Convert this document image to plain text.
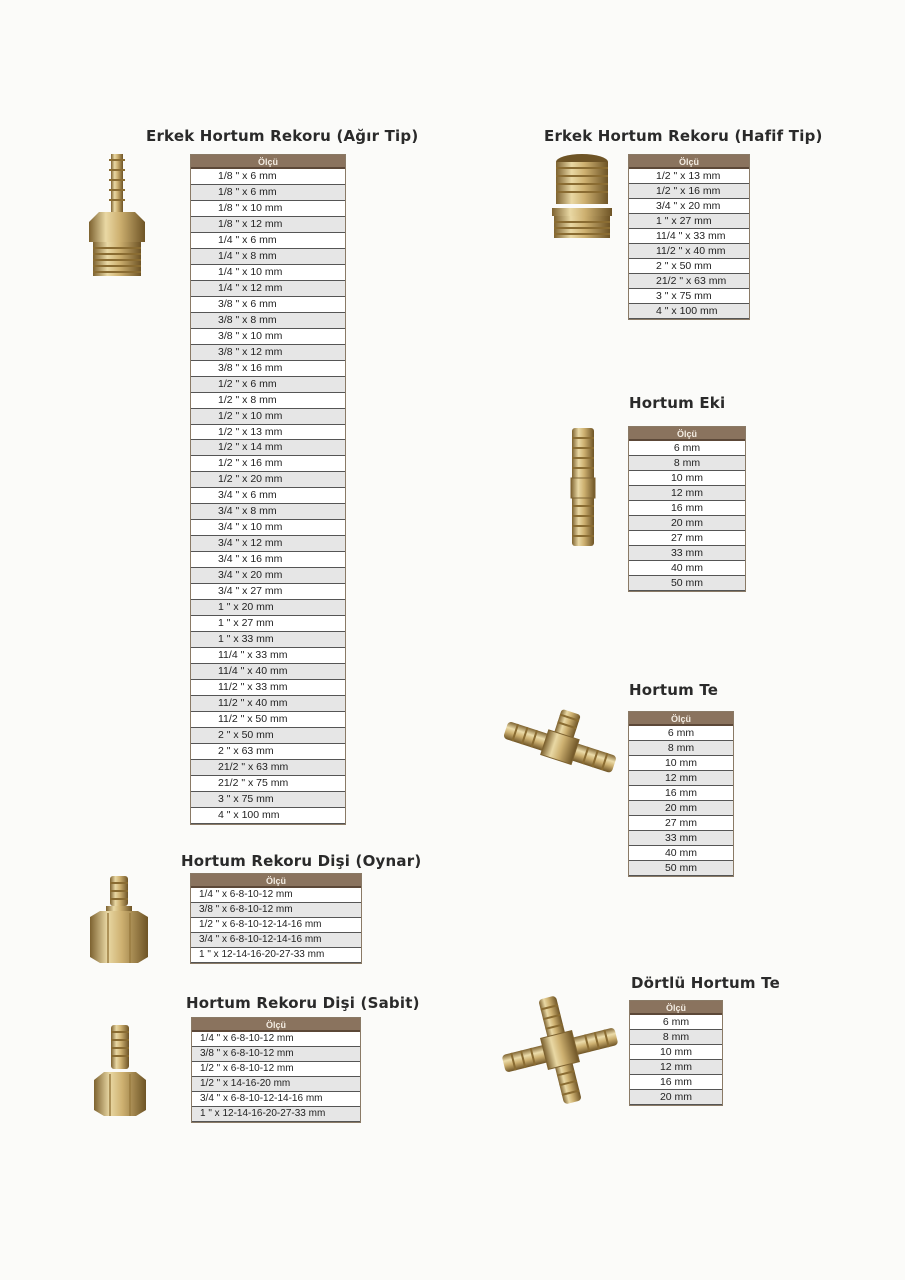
Erkek Hortum Rekoru (Ağır Tip)
Ölçü
1/8 " x 6 mm
1/8 " x 6 mm
1/8 " x 10 mm
1/8 " x 12 mm
1/4 " x 6 mm
1/4 " x 8 mm
1/4 " x 10 mm
1/4 " x 12 mm
3/8 " x 6 mm
3/8 " x 8 mm
3/8 " x 10 mm
3/8 " x 12 mm
3/8 " x 16 mm
1/2 " x 6 mm
1/2 " x 8 mm
1/2 " x 10 mm
1/2 " x 13 mm
1/2 " x 14 mm
1/2 " x 16 mm
1/2 " x 20 mm
3/4 " x 6 mm
3/4 " x 8 mm
3/4 " x 10 mm
3/4 " x 12 mm
3/4 " x 16 mm
3/4 " x 20 mm
3/4 " x 27 mm
1 " x 20 mm
1 " x 27 mm
1 " x 33 mm
11/4 " x 33 mm
11/4 " x 40 mm
11/2 " x 33 mm
11/2 " x 40 mm
11/2 " x 50 mm
2 " x 50 mm
2 " x 63 mm
21/2 " x 63 mm
21/2 " x 75 mm
3 " x 75 mm
4 " x 100 mm
Erkek Hortum Rekoru (Hafif Tip)
Ölçü
1/2 " x 13 mm
1/2 " x 16 mm
3/4 " x 20 mm
1 " x 27 mm
11/4 " x 33 mm
11/2 " x 40 mm
2 " x 50 mm
21/2 " x 63 mm
3 " x 75 mm
4 " x 100 mm
Hortum Eki
Ölçü
6 mm
8 mm
10 mm
12 mm
16 mm
20 mm
27 mm
33 mm
40 mm
50 mm
Hortum Te
Ölçü
6 mm
8 mm
10 mm
12 mm
16 mm
20 mm
27 mm
33 mm
40 mm
50 mm
Hortum Rekoru Dişi (Oynar)
Ölçü
1/4 " x 6-8-10-12 mm
3/8 " x 6-8-10-12 mm
1/2 " x 6-8-10-12-14-16 mm
3/4 " x 6-8-10-12-14-16 mm
1 " x 12-14-16-20-27-33 mm
Hortum Rekoru Dişi (Sabit)
Ölçü
1/4 " x 6-8-10-12 mm
3/8 " x 6-8-10-12 mm
1/2 " x 6-8-10-12 mm
1/2 " x 14-16-20 mm
3/4 " x 6-8-10-12-14-16 mm
1 " x 12-14-16-20-27-33 mm
Dörtlü Hortum Te
Ölçü
6 mm
8 mm
10 mm
12 mm
16 mm
20 mm
